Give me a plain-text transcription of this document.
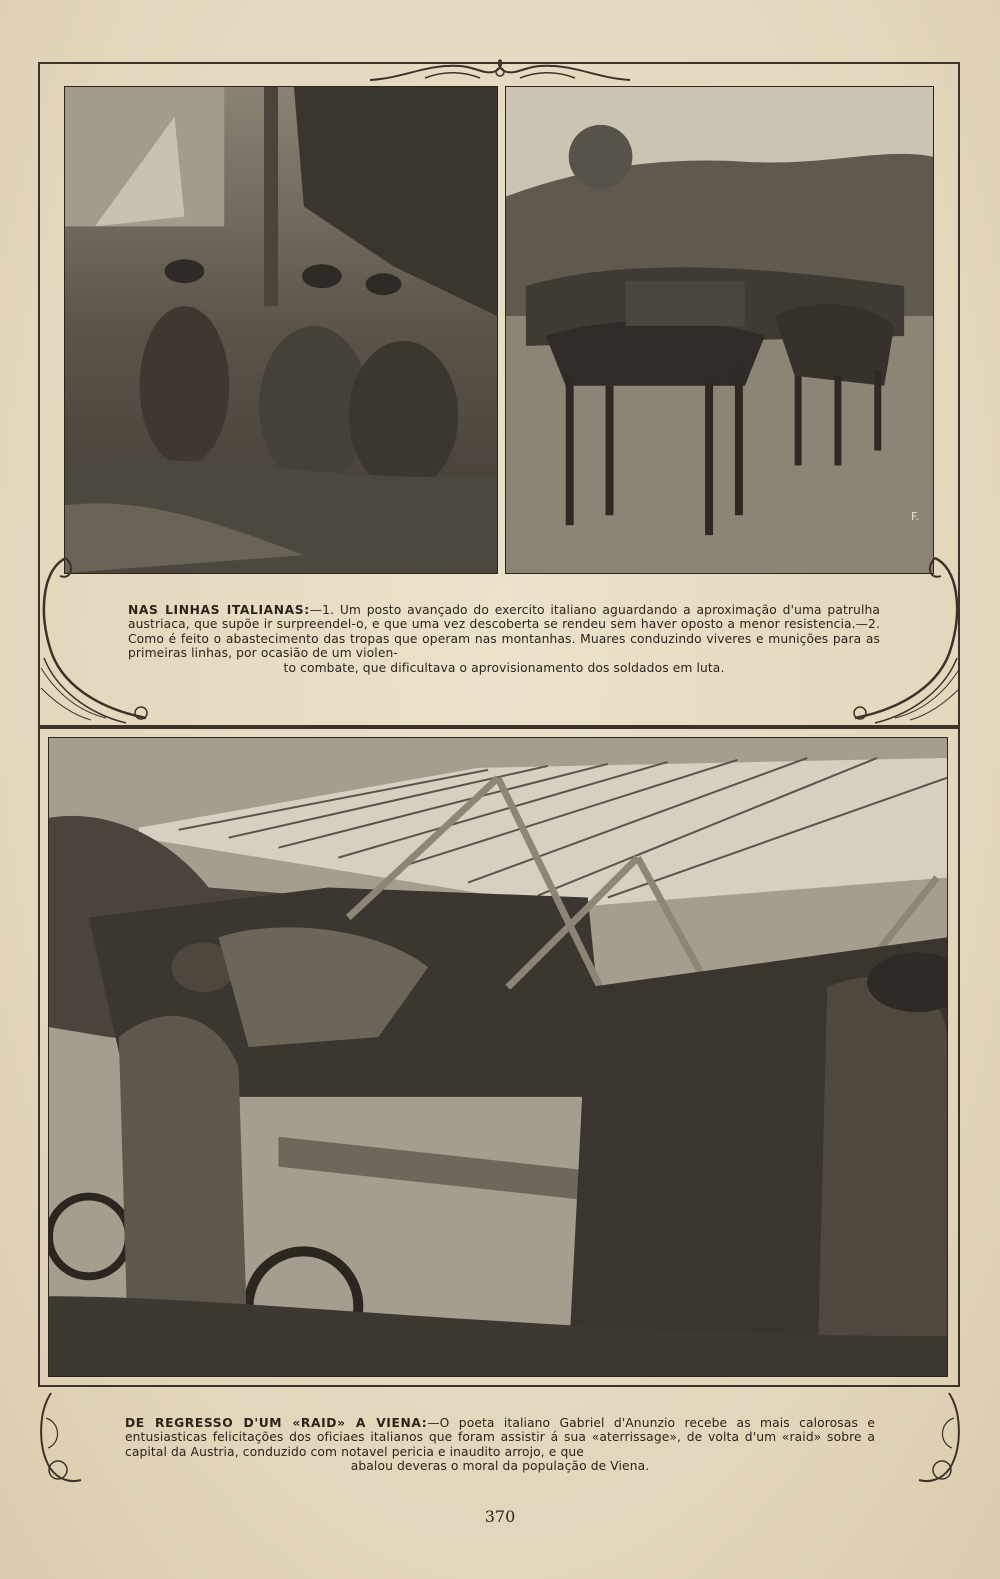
F.
NAS LINHAS ITALIANAS:—1. Um posto avançado do exercito italiano aguardando a aproximação d'uma patrulha austriaca, que supõe ir surpreendel-o, e que uma vez descoberta se rendeu sem haver oposto a menor resistencia.—2. Como é feito o abastecimento das tropas que operam nas montanhas. Muares conduzindo viveres e munições para as primeiras linhas, por ocasião de um violen-
to combate, que dificultava o aprovisionamento dos soldados em luta.
DE REGRESSO D'UM «RAID» A VIENA:—O poeta italiano Gabriel d'Anunzio recebe as mais calorosas e entusiasticas felicitações dos oficiaes italianos que foram assistir á sua «aterrissage», de volta d'um «raid» sobre a capital da Austria, conduzido com notavel pericia e inaudito arrojo, e que
abalou deveras o moral da população de Viena.
370
